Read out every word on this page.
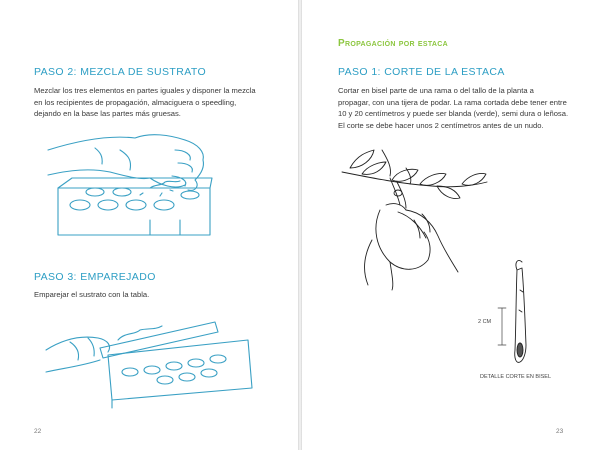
PASO 2: MEZCLA DE SUSTRATO
Mezclar los tres elementos en partes iguales y disponer la mezcla
en los recipientes de propagación, almaciguera o speedling,
dejando en la base las partes más gruesas.
PASO 3: EMPAREJADO
Emparejar el sustrato con la tabla.
22
Propagación por estaca
PASO 1: CORTE DE LA ESTACA
Cortar en bisel parte de una rama o del tallo de la planta a
propagar, con una tijera de podar. La rama cortada debe tener entre
10 y 20 centímetros y puede ser blanda (verde), semi dura o leñosa.
El corte se debe hacer unos 2 centímetros antes de un nudo.
2 CM
DETALLE CORTE EN BISEL
23
